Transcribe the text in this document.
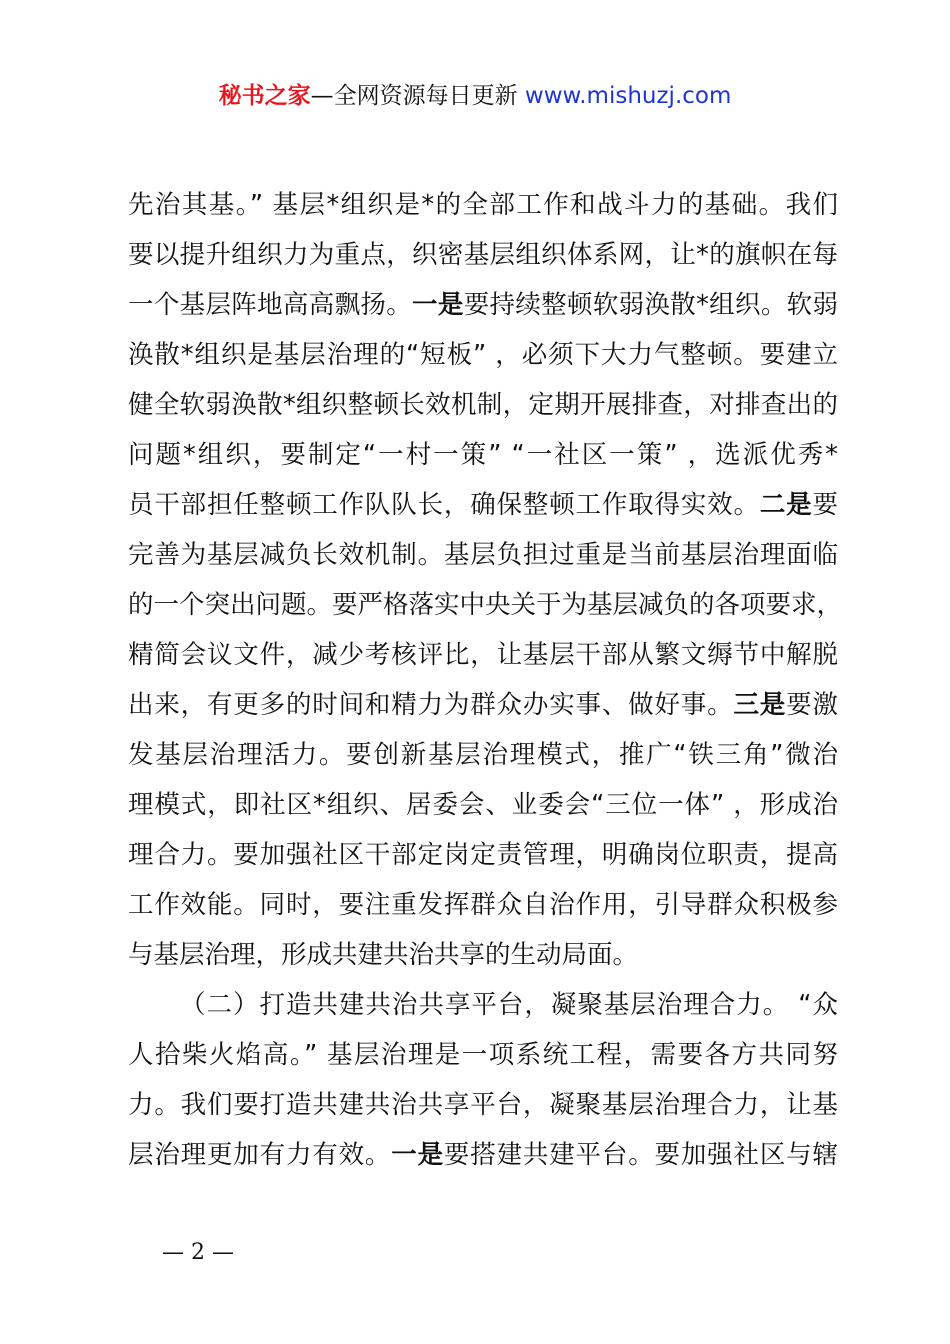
秘书之家—全网资源每日更新 www.mishuzj.com
先治其基。” 基层*组织是*的全部工作和战斗力的基础。我们
要以提升组织力为重点，织密基层组织体系网，让*的旗帜在每
一个基层阵地高高飘扬。一是要持续整顿软弱涣散*组织。软弱
涣散*组织是基层治理的“短板” ，必须下大力气整顿。要建立
健全软弱涣散*组织整顿长效机制，定期开展排查，对排查出的
问题*组织，要制定“一村一策” “一社区一策” ，选派优秀*
员干部担任整顿工作队队长，确保整顿工作取得实效。二是要
完善为基层减负长效机制。基层负担过重是当前基层治理面临
的一个突出问题。要严格落实中央关于为基层减负的各项要求，
精简会议文件，减少考核评比，让基层干部从繁文缛节中解脱
出来，有更多的时间和精力为群众办实事、做好事。三是要激
发基层治理活力。要创新基层治理模式，推广“铁三角”微治
理模式，即社区*组织、居委会、业委会“三位一体” ，形成治
理合力。要加强社区干部定岗定责管理，明确岗位职责，提高
工作效能。同时，要注重发挥群众自治作用，引导群众积极参
与基层治理，形成共建共治共享的生动局面。
（二）打造共建共治共享平台，凝聚基层治理合力。 “众
人拾柴火焰高。” 基层治理是一项系统工程，需要各方共同努
力。我们要打造共建共治共享平台，凝聚基层治理合力，让基
层治理更加有力有效。一是要搭建共建平台。要加强社区与辖
— 2 —
